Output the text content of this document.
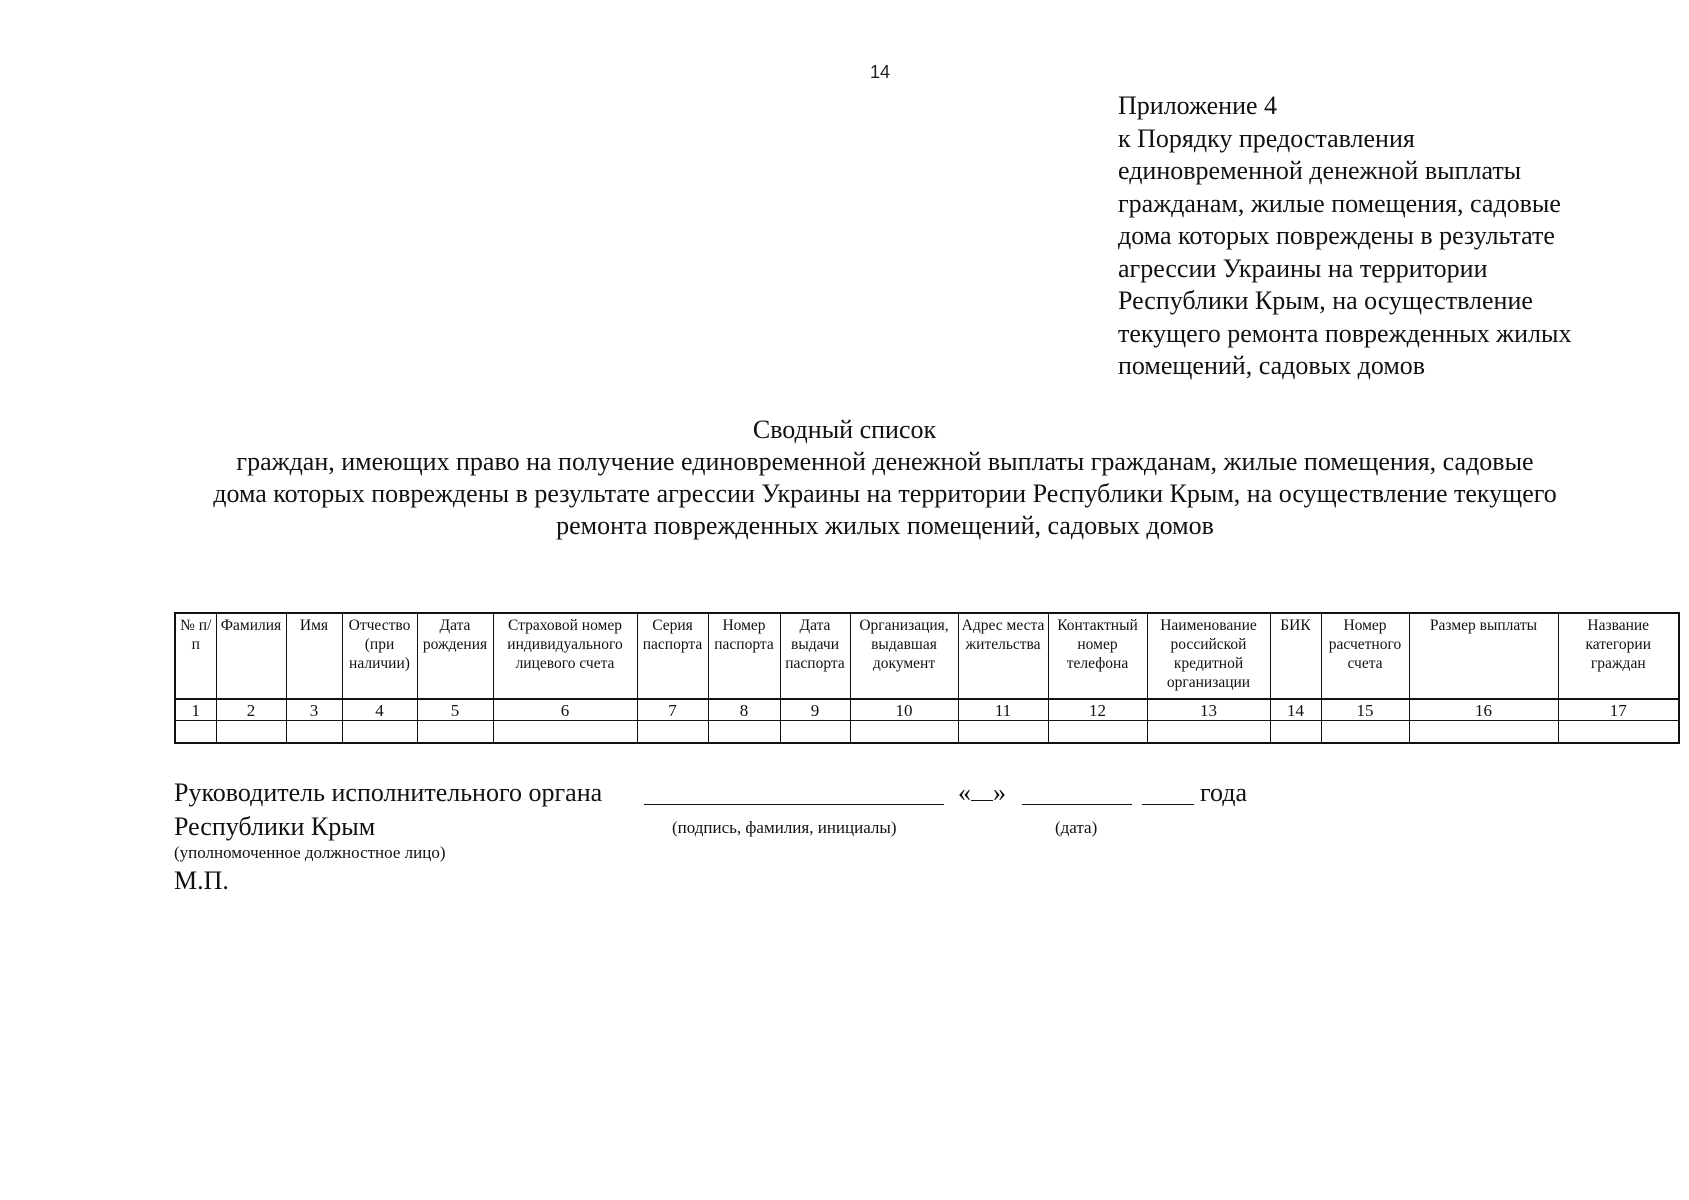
14
Приложение 4
к Порядку предоставления
единовременной денежной выплаты
гражданам, жилые помещения, садовые
дома которых повреждены в результате
агрессии Украины на территории
Республики Крым, на осуществление
текущего ремонта поврежденных жилых
помещений, садовых домов
Сводный список
граждан, имеющих право на получение единовременной денежной выплаты гражданам, жилые помещения, садовые
дома которых повреждены в результате агрессии Украины на территории Республики Крым, на осуществление текущего
ремонта поврежденных жилых помещений, садовых домов
№ п/п	Фамилия	Имя	Отчество (при наличии)	Дата рождения	Страховой номер индивидуального лицевого счета	Серия паспорта	Номер паспорта	Дата выдачи паспорта	Организация, выдавшая документ	Адрес места жительства	Контактный номер телефона	Наименование российской кредитной организации	БИК	Номер расчетного счета	Размер выплаты	Название категории граждан
1	2	3	4	5	6	7	8	9	10	11	12	13	14	15	16	17

Руководитель исполнительного органа	« »	года
Республики Крым	(подпись, фамилия, инициалы)	(дата)
(уполномоченное должностное лицо)
М.П.
